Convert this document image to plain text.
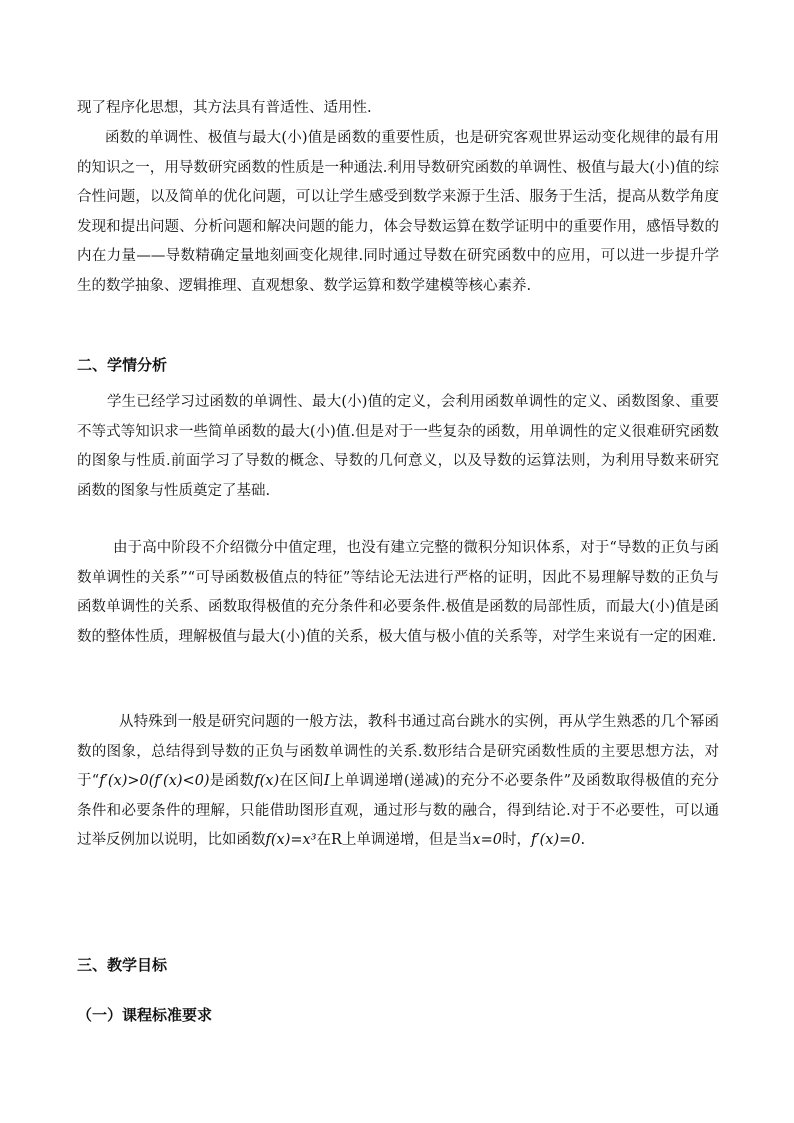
现了程序化思想，其方法具有普适性、适用性.

函数的单调性、极值与最大(小)值是函数的重要性质，也是研究客观世界运动变化规律的最有用的知识之一，用导数研究函数的性质是一种通法.利用导数研究函数的单调性、极值与最大(小)值的综合性问题，以及简单的优化问题，可以让学生感受到数学来源于生活、服务于生活，提高从数学角度发现和提出问题、分析问题和解决问题的能力，体会导数运算在数学证明中的重要作用，感悟导数的内在力量——导数精确定量地刻画变化规律.同时通过导数在研究函数中的应用，可以进一步提升学生的数学抽象、逻辑推理、直观想象、数学运算和数学建模等核心素养.

二、学情分析

学生已经学习过函数的单调性、最大(小)值的定义，会利用函数单调性的定义、函数图象、重要不等式等知识求一些简单函数的最大(小)值.但是对于一些复杂的函数，用单调性的定义很难研究函数的图象与性质.前面学习了导数的概念、导数的几何意义，以及导数的运算法则，为利用导数来研究函数的图象与性质奠定了基础.

由于高中阶段不介绍微分中值定理，也没有建立完整的微积分知识体系，对于“导数的正负与函数单调性的关系”“可导函数极值点的特征”等结论无法进行严格的证明，因此不易理解导数的正负与函数单调性的关系、函数取得极值的充分条件和必要条件.极值是函数的局部性质，而最大(小)值是函数的整体性质，理解极值与最大(小)值的关系，极大值与极小值的关系等，对学生来说有一定的困难.

从特殊到一般是研究问题的一般方法，教科书通过高台跳水的实例，再从学生熟悉的几个幂函数的图象，总结得到导数的正负与函数单调性的关系.数形结合是研究函数性质的主要思想方法，对于“f′(x)>0(f′(x)<0)是函数f(x)在区间I上单调递增(递减)的充分不必要条件”及函数取得极值的充分条件和必要条件的理解，只能借助图形直观，通过形与数的融合，得到结论.对于不必要性，可以通过举反例加以说明，比如函数f(x)=x³在R上单调递增，但是当x=0时，f′(x)=0.

三、教学目标
（一）课程标准要求
